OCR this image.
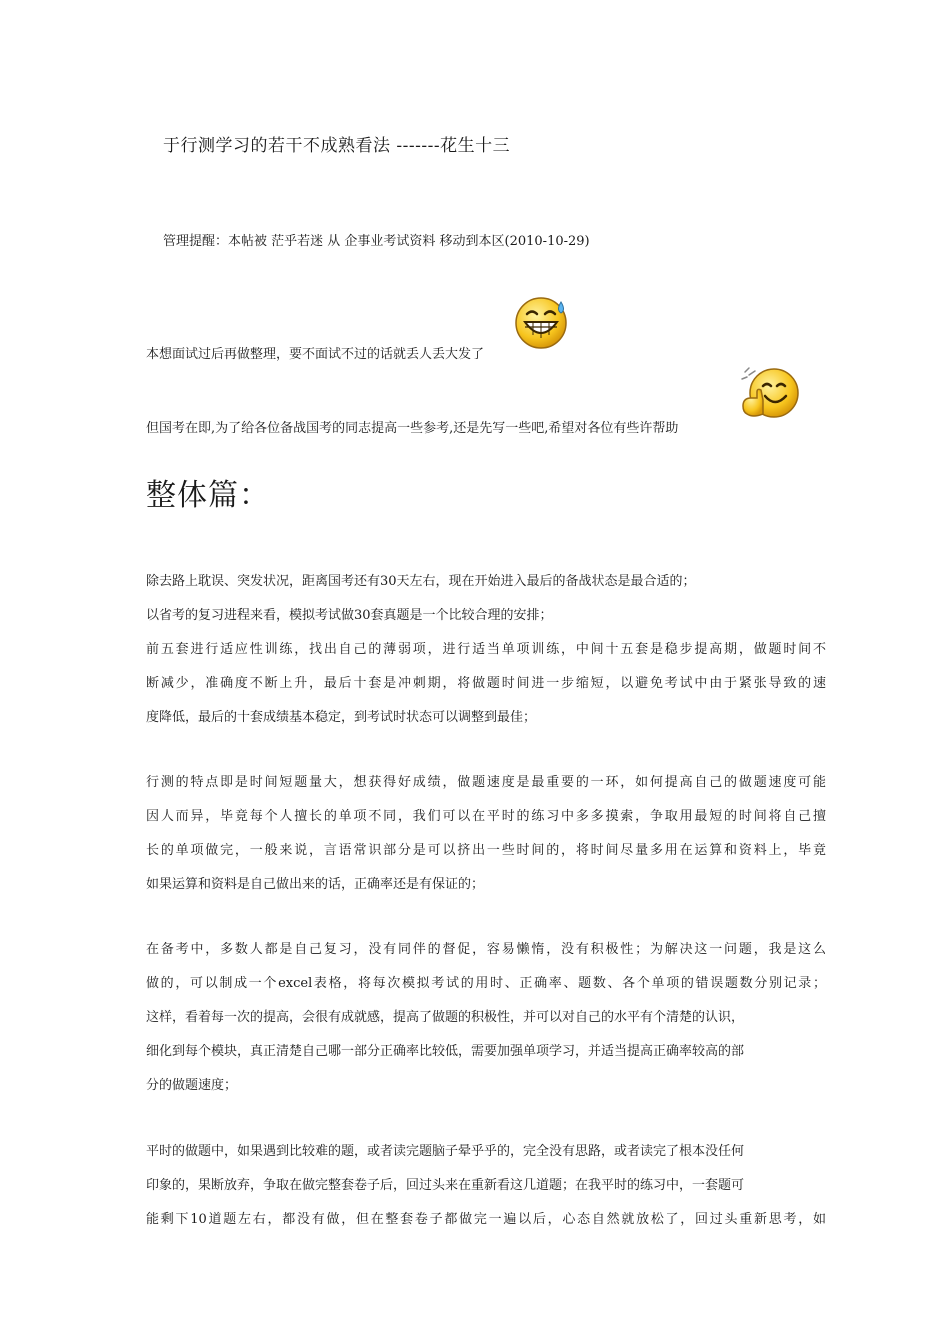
于行测学习的若干不成熟看法 -------花生十三
管理提醒：本帖被 茫乎若迷 从 企事业考试资料 移动到本区(2010-10-29)
本想面试过后再做整理，要不面试不过的话就丢人丢大发了
但国考在即,为了给各位备战国考的同志提高一些参考,还是先写一些吧,希望对各位有些许帮助
整体篇：
除去路上耽误、突发状况，距离国考还有30天左右，现在开始进入最后的备战状态是最合适的；
以省考的复习进程来看，模拟考试做30套真题是一个比较合理的安排；
前五套进行适应性训练，找出自己的薄弱项，进行适当单项训练，中间十五套是稳步提高期，做题时间不
断减少，准确度不断上升，最后十套是冲刺期，将做题时间进一步缩短，以避免考试中由于紧张导致的速
度降低，最后的十套成绩基本稳定，到考试时状态可以调整到最佳；
行测的特点即是时间短题量大，想获得好成绩，做题速度是最重要的一环，如何提高自己的做题速度可能
因人而异，毕竟每个人擅长的单项不同，我们可以在平时的练习中多多摸索，争取用最短的时间将自己擅
长的单项做完，一般来说，言语常识部分是可以挤出一些时间的，将时间尽量多用在运算和资料上，毕竟
如果运算和资料是自己做出来的话，正确率还是有保证的；
在备考中，多数人都是自己复习，没有同伴的督促，容易懒惰，没有积极性；为解决这一问题，我是这么
做的，可以制成一个excel表格，将每次模拟考试的用时、正确率、题数、各个单项的错误题数分别记录；
这样，看着每一次的提高，会很有成就感，提高了做题的积极性，并可以对自己的水平有个清楚的认识，
细化到每个模块，真正清楚自己哪一部分正确率比较低，需要加强单项学习，并适当提高正确率较高的部
分的做题速度；
平时的做题中，如果遇到比较难的题，或者读完题脑子晕乎乎的，完全没有思路，或者读完了根本没任何
印象的，果断放弃，争取在做完整套卷子后，回过头来在重新看这几道题；在我平时的练习中，一套题可
能剩下10道题左右，都没有做，但在整套卷子都做完一遍以后，心态自然就放松了，回过头重新思考，如
